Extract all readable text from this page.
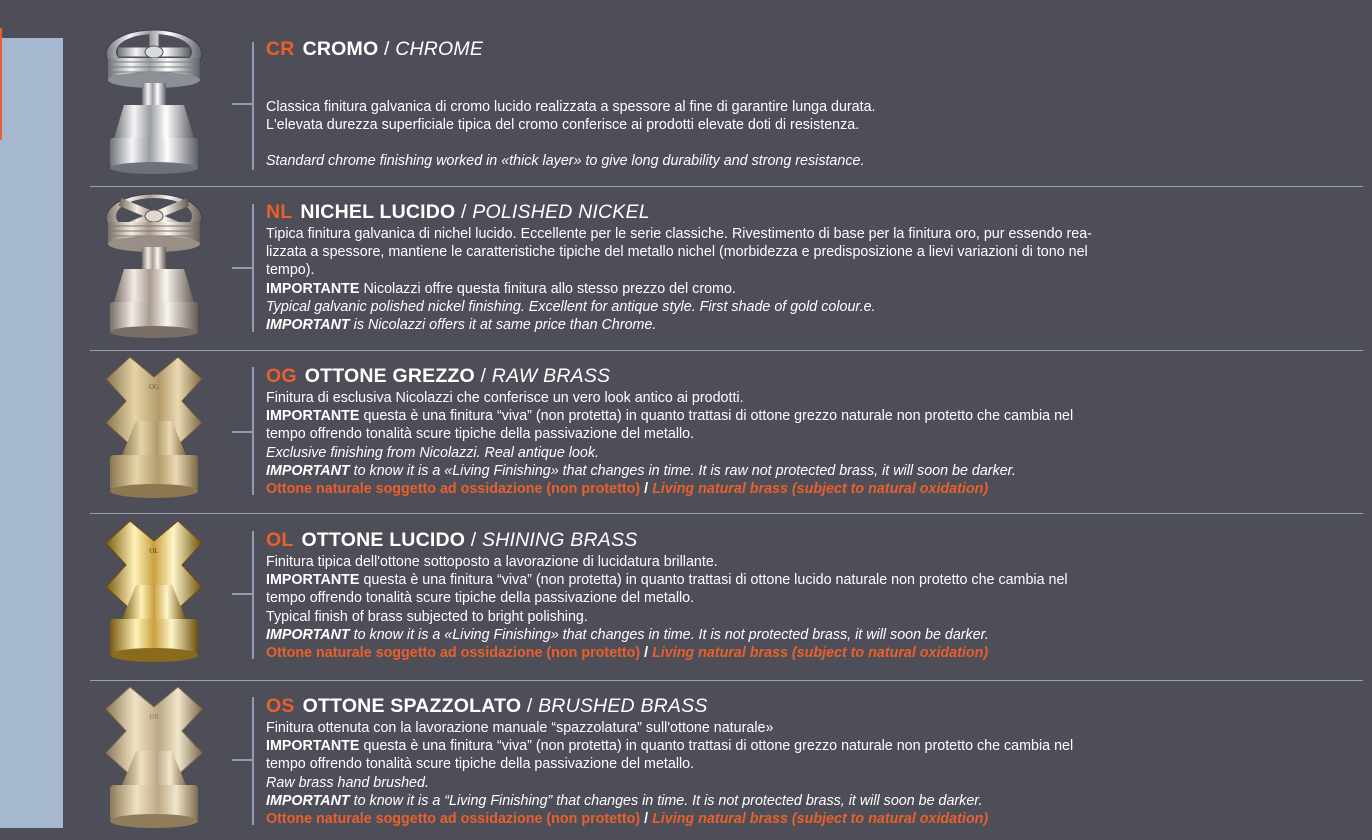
CR CROMO / CHROME
Classica finitura galvanica di cromo lucido realizzata a spessore al fine di garantire lunga durata.
L'elevata durezza superficiale tipica del cromo conferisce ai prodotti elevate doti di resistenza.
Standard chrome finishing worked in «thick layer» to give long durability and strong resistance.
NL NICHEL LUCIDO / POLISHED NICKEL
Tipica finitura galvanica di nichel lucido. Eccellente per le serie classiche. Rivestimento di base per la finitura oro, pur essendo rea-
lizzata a spessore, mantiene le caratteristiche tipiche del metallo nichel (morbidezza e predisposizione a lievi variazioni di tono nel
tempo).
IMPORTANTE Nicolazzi offre questa finitura allo stesso prezzo del cromo.
Typical galvanic polished nickel finishing. Excellent for antique style. First shade of gold colour.e.
IMPORTANT is Nicolazzi offers it at same price than Chrome.
OG	OG OTTONE GREZZO / RAW BRASS
Finitura di esclusiva Nicolazzi che conferisce un vero look antico ai prodotti.
IMPORTANTE questa è una finitura “viva” (non protetta) in quanto trattasi di ottone grezzo naturale non protetto che cambia nel
tempo offrendo tonalità scure tipiche della passivazione del metallo.
Exclusive finishing from Nicolazzi. Real antique look.
IMPORTANT to know it is a «Living Finishing» that changes in time. It is raw not protected brass, it will soon be darker.
Ottone naturale soggetto ad ossidazione (non protetto) / Living natural brass (subject to natural oxidation)
OL	OL OTTONE LUCIDO / SHINING BRASS
Finitura tipica dell'ottone sottoposto a lavorazione di lucidatura brillante.
IMPORTANTE questa è una finitura “viva” (non protetta) in quanto trattasi di ottone lucido naturale non protetto che cambia nel
tempo offrendo tonalità scure tipiche della passivazione del metallo.
Typical finish of brass subjected to bright polishing.
IMPORTANT to know it is a «Living Finishing» that changes in time. It is not protected brass, it will soon be darker.
Ottone naturale soggetto ad ossidazione (non protetto) / Living natural brass (subject to natural oxidation)
OS	OS OTTONE SPAZZOLATO / BRUSHED BRASS
Finitura ottenuta con la lavorazione manuale “spazzolatura” sull'ottone naturale»
IMPORTANTE questa è una finitura “viva” (non protetta) in quanto trattasi di ottone grezzo naturale non protetto che cambia nel
tempo offrendo tonalità scure tipiche della passivazione del metallo.
Raw brass hand brushed.
IMPORTANT to know it is a “Living Finishing” that changes in time. It is not protected brass, it will soon be darker.
Ottone naturale soggetto ad ossidazione (non protetto) / Living natural brass (subject to natural oxidation)
